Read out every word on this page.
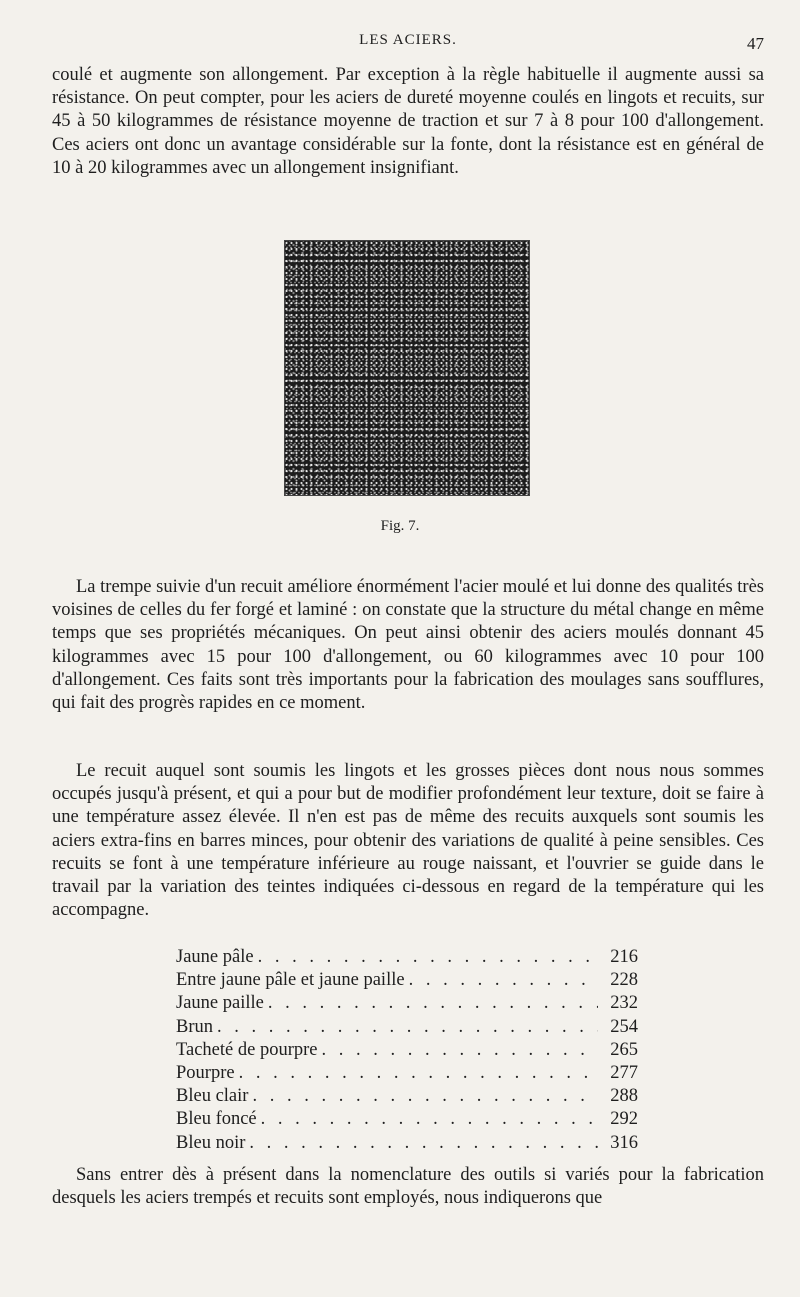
LES ACIERS.	47

coulé et augmente son allongement. Par exception à la règle habituelle il augmente aussi sa résistance. On peut compter, pour les aciers de dureté moyenne coulés en lingots et recuits, sur 45 à 50 kilogrammes de résistance moyenne de traction et sur 7 à 8 pour 100 d'allongement. Ces aciers ont donc un avantage considérable sur la fonte, dont la résistance est en général de 10 à 20 kilogrammes avec un allongement insignifiant.

Fig. 7.

La trempe suivie d'un recuit améliore énormément l'acier moulé et lui donne des qualités très voisines de celles du fer forgé et laminé : on constate que la structure du métal change en même temps que ses propriétés mécaniques. On peut ainsi obtenir des aciers moulés donnant 45 kilogrammes avec 15 pour 100 d'allongement, ou 60 kilogrammes avec 10 pour 100 d'allongement. Ces faits sont très importants pour la fabrication des moulages sans soufflures, qui fait des progrès rapides en ce moment.

Le recuit auquel sont soumis les lingots et les grosses pièces dont nous nous sommes occupés jusqu'à présent, et qui a pour but de modifier profondément leur texture, doit se faire à une température assez élevée. Il n'en est pas de même des recuits auxquels sont soumis les aciers extra-fins en barres minces, pour obtenir des variations de qualité à peine sensibles. Ces recuits se font à une température inférieure au rouge naissant, et l'ouvrier se guide dans le travail par la variation des teintes indiquées ci-dessous en regard de la température qui les accompagne.

Jaune pâle . . .	216
Entre jaune pâle et jaune paille . . .	228
Jaune paille . . .	232
Brun . . .	254
Tacheté de pourpre . . .	265
Pourpre . . .	277
Bleu clair . . .	288
Bleu foncé . . .	292
Bleu noir . . .	316

Sans entrer dès à présent dans la nomenclature des outils si variés pour la fabrication desquels les aciers trempés et recuits sont employés, nous indiquerons que
